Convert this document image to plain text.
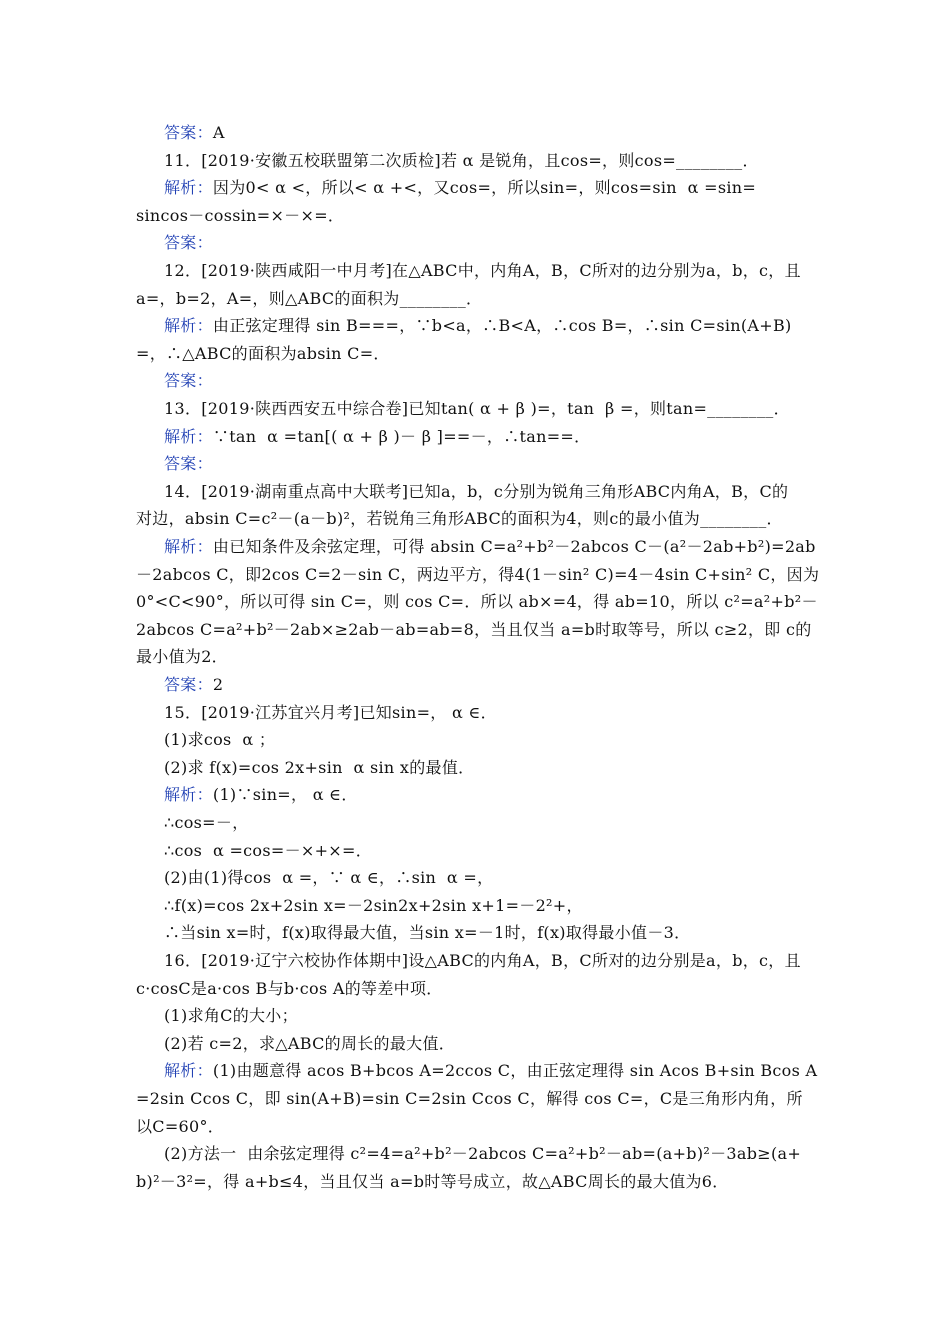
答案：A
11．[2019·安徽五校联盟第二次质检]若 α 是锐角，且cos=，则cos=________．
解析：因为0< α <，所以< α +<，又cos=，所以sin=，则cos=sin  α =sin=
sincos－cossin=×－×=．
答案：
12．[2019·陕西咸阳一中月考]在△ABC中，内角A，B，C所对的边分别为a，b，c，且
a=，b=2，A=，则△ABC的面积为________．
解析：由正弦定理得 sin B===，∵b<a，∴B<A，∴cos B=，∴sin C=sin(A+B)
=，∴△ABC的面积为absin C=．
答案：
13．[2019·陕西西安五中综合卷]已知tan( α + β )=，tan  β =，则tan=________．
解析：∵tan  α =tan[( α + β )－ β ]==－，∴tan==．
答案：
14．[2019·湖南重点高中大联考]已知a，b，c分别为锐角三角形ABC内角A，B，C的
对边，absin C=c²－(a－b)²，若锐角三角形ABC的面积为4，则c的最小值为________．
解析：由已知条件及余弦定理，可得 absin C=a²+b²－2abcos C－(a²－2ab+b²)=2ab
－2abcos C，即2cos C=2－sin C，两边平方，得4(1－sin² C)=4－4sin C+sin² C，因为
0°<C<90°，所以可得 sin C=，则 cos C=．所以 ab×=4，得 ab=10，所以 c²=a²+b²－
2abcos C=a²+b²－2ab×≥2ab－ab=ab=8，当且仅当 a=b时取等号，所以 c≥2，即 c的
最小值为2．
答案：2
15．[2019·江苏宜兴月考]已知sin=， α ∈．
(1)求cos  α ；
(2)求 f(x)=cos 2x+sin  α sin x的最值．
解析：(1)∵sin=， α ∈．
∴cos=－，
∴cos  α =cos=－×+×=．
(2)由(1)得cos  α =，∵ α ∈，∴sin  α =，
∴f(x)=cos 2x+2sin x=－2sin2x+2sin x+1=－2²+，
∴当sin x=时，f(x)取得最大值，当sin x=－1时，f(x)取得最小值－3．
16．[2019·辽宁六校协作体期中]设△ABC的内角A，B，C所对的边分别是a，b，c，且
c·cosC是a·cos B与b·cos A的等差中项．
(1)求角C的大小；
(2)若 c=2，求△ABC的周长的最大值．
解析：(1)由题意得 acos B+bcos A=2ccos C，由正弦定理得 sin Acos B+sin Bcos A
=2sin Ccos C，即 sin(A+B)=sin C=2sin Ccos C，解得 cos C=，C是三角形内角，所
以C=60°．
(2)方法一  由余弦定理得 c²=4=a²+b²－2abcos C=a²+b²－ab=(a+b)²－3ab≥(a+
b)²－3²=，得 a+b≤4，当且仅当 a=b时等号成立，故△ABC周长的最大值为6．
